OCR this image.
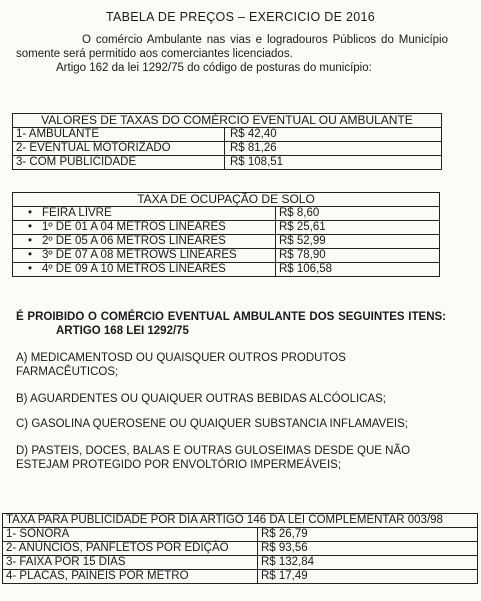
TABELA DE PREÇOS – EXERCICIO DE 2016

O comércio Ambulante nas vias e logradouros Públicos do Município somente será permitido aos comerciantes licenciados.

Artigo 162 da lei 1292/75 do código de posturas do município:

VALORES DE TAXAS DO COMÉRCIO EVENTUAL OU AMBULANTE	
1- AMBULANTE	R$ 42,40
2- EVENTUAL MOTORIZADO	R$ 81,26
3- COM PUBLICIDADE	R$ 108,51
TAXA DE OCUPAÇÃO DE SOLO	
• FEIRA LIVRE	R$ 8,60
• 1º DE 01 A 04 METROS LINEARES	R$ 25,61
• 2º DE 05 A 06 METROS LINEARES	R$ 52,99
• 3º DE 07 A 08 METROWS LINEARES	R$ 78,90
• 4º DE 09 A 10 METROS LINEARES	R$ 106,58
É PROIBIDO O COMÉRCIO EVENTUAL AMBULANTE DOS SEGUINTES ITENS: ARTIGO 168 LEI 1292/75
A) MEDICAMENTOSD OU QUAISQUER OUTROS PRODUTOS FARMACÊUTICOS;
B) AGUARDENTES OU QUAIQUER OUTRAS BEBIDAS ALCÓOLICAS;
C) GASOLINA QUEROSENE OU QUAIQUER SUBSTANCIA INFLAMAVEIS;
D) PASTEIS, DOCES, BALAS E OUTRAS GULOSEIMAS DESDE QUE NÃO ESTEJAM PROTEGIDO POR ENVOLTÓRIO IMPERMEÁVEIS;
TAXA PARA PUBLICIDADE POR DIA ARTIGO 146 DA LEI COMPLEMENTAR 003/98	
1- SONORA	R$ 26,79
2- ANÚNCIOS, PANFLETOS POR EDIÇÃO	R$ 93,56
3- FAIXA POR 15 DIAS	R$ 132,84
4- PLACAS, PAINEIS POR METRO	R$ 17,49
